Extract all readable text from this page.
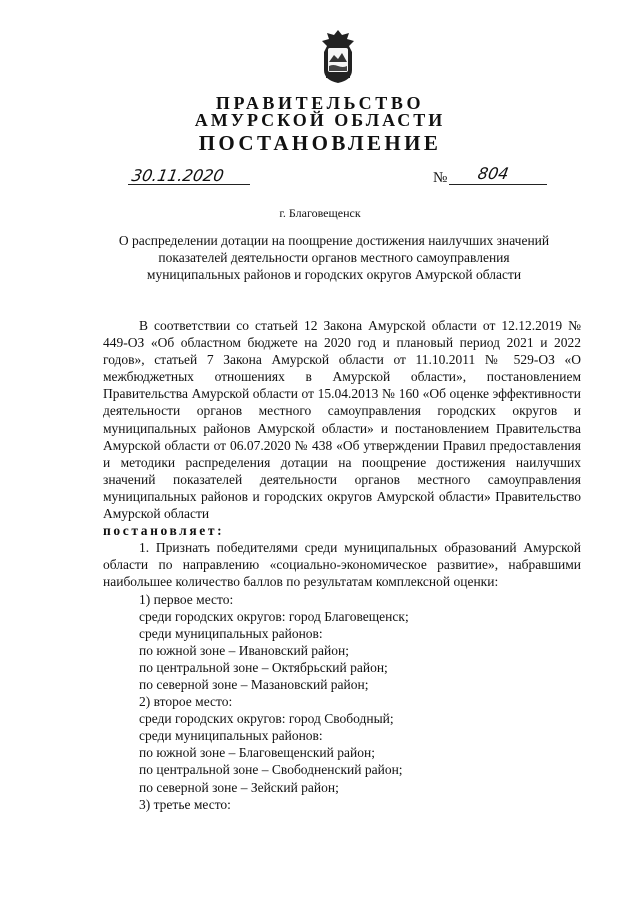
ПРАВИТЕЛЬСТВО
АМУРСКОЙ ОБЛАСТИ
ПОСТАНОВЛЕНИЕ
30.11.2020	№ 804
г. Благовещенск
О распределении дотации на поощрение достижения наилучших значений показателей деятельности органов местного самоуправления муниципальных районов и городских округов Амурской области

В соответствии со статьей 12 Закона Амурской области от 12.12.2019 № 449-ОЗ «Об областном бюджете на 2020 год и плановый период 2021 и 2022 годов», статьей 7 Закона Амурской области от 11.10.2011 № 529-ОЗ «О межбюджетных отношениях в Амурской области», постановлением Правительства Амурской области от 15.04.2013 № 160 «Об оценке эффективности деятельности органов местного самоуправления городских округов и муниципальных районов Амурской области» и постановлением Правительства Амурской области от 06.07.2020 № 438 «Об утверждении Правил предоставления и методики распределения дотации на поощрение достижения наилучших значений показателей деятельности органов местного самоуправления муниципальных районов и городских округов Амурской области» Правительство Амурской области

постановляет:

1. Признать победителями среди муниципальных образований Амурской области по направлению «социально-экономическое развитие», набравшими наибольшее количество баллов по результатам комплексной оценки:

1) первое место:

среди городских округов: город Благовещенск;

среди муниципальных районов:

по южной зоне – Ивановский район;

по центральной зоне – Октябрьский район;

по северной зоне – Мазановский район;

2) второе место:

среди городских округов: город Свободный;

среди муниципальных районов:

по южной зоне – Благовещенский район;

по центральной зоне – Свободненский район;

по северной зоне – Зейский район;

3) третье место:
